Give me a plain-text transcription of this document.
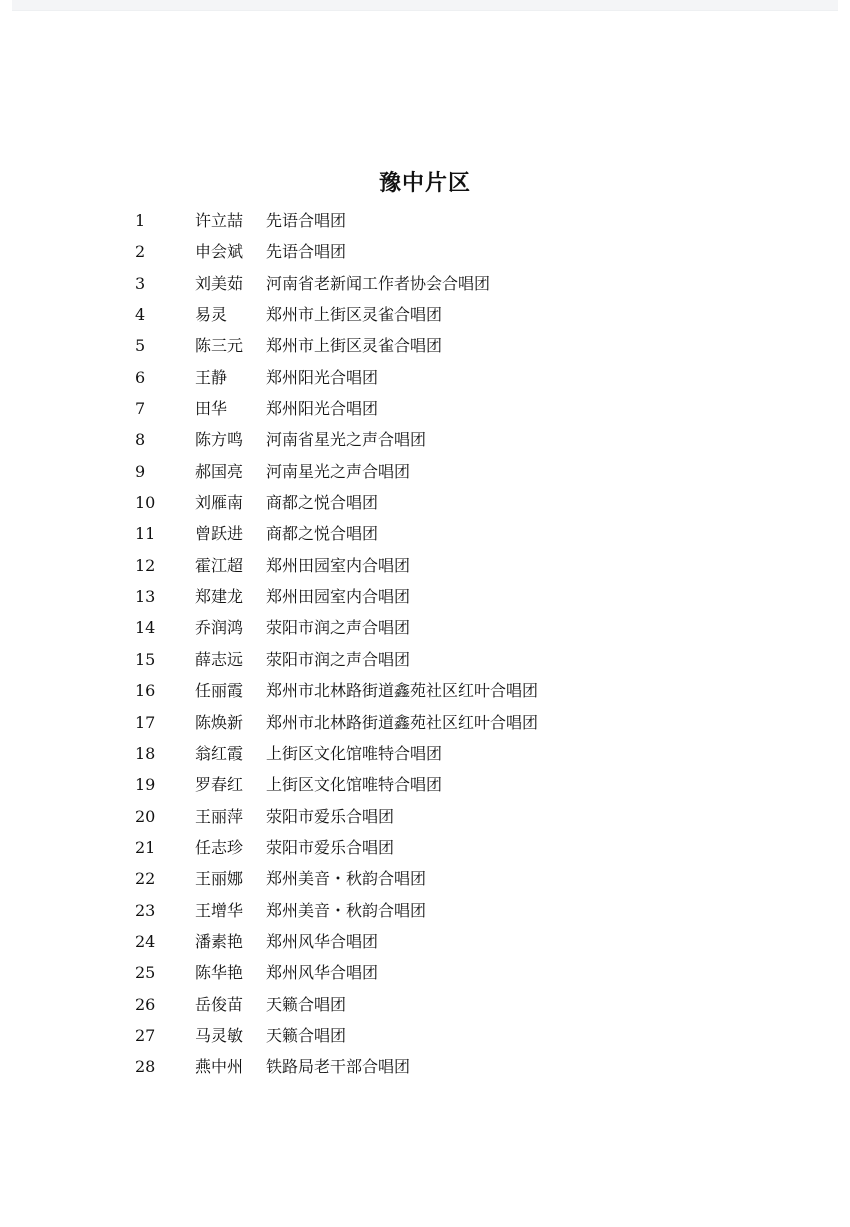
豫中片区
1	许立喆 先语合唱团
2	申会斌 先语合唱团
3	刘美茹 河南省老新闻工作者协会合唱团
4	易灵 郑州市上街区灵雀合唱团
5	陈三元 郑州市上街区灵雀合唱团
6	王静 郑州阳光合唱团
7	田华 郑州阳光合唱团
8	陈方鸣 河南省星光之声合唱团
9	郝国亮 河南星光之声合唱团
10 刘雁南 商都之悦合唱团
11 曾跃进 商都之悦合唱团
12 霍江超 郑州田园室内合唱团
13 郑建龙 郑州田园室内合唱团
14 乔润鸿 荥阳市润之声合唱团
15 薛志远 荥阳市润之声合唱团
16 任丽霞 郑州市北林路街道鑫苑社区红叶合唱团
17 陈焕新 郑州市北林路街道鑫苑社区红叶合唱团
18 翁红霞 上街区文化馆唯特合唱团
19 罗春红 上街区文化馆唯特合唱团
20 王丽萍 荥阳市爱乐合唱团
21 任志珍 荥阳市爱乐合唱团
22 王丽娜 郑州美音・秋韵合唱团
23 王增华 郑州美音・秋韵合唱团
24 潘素艳 郑州风华合唱团
25 陈华艳 郑州风华合唱团
26 岳俊苗 天籁合唱团
27 马灵敏 天籁合唱团
28 燕中州 铁路局老干部合唱团
